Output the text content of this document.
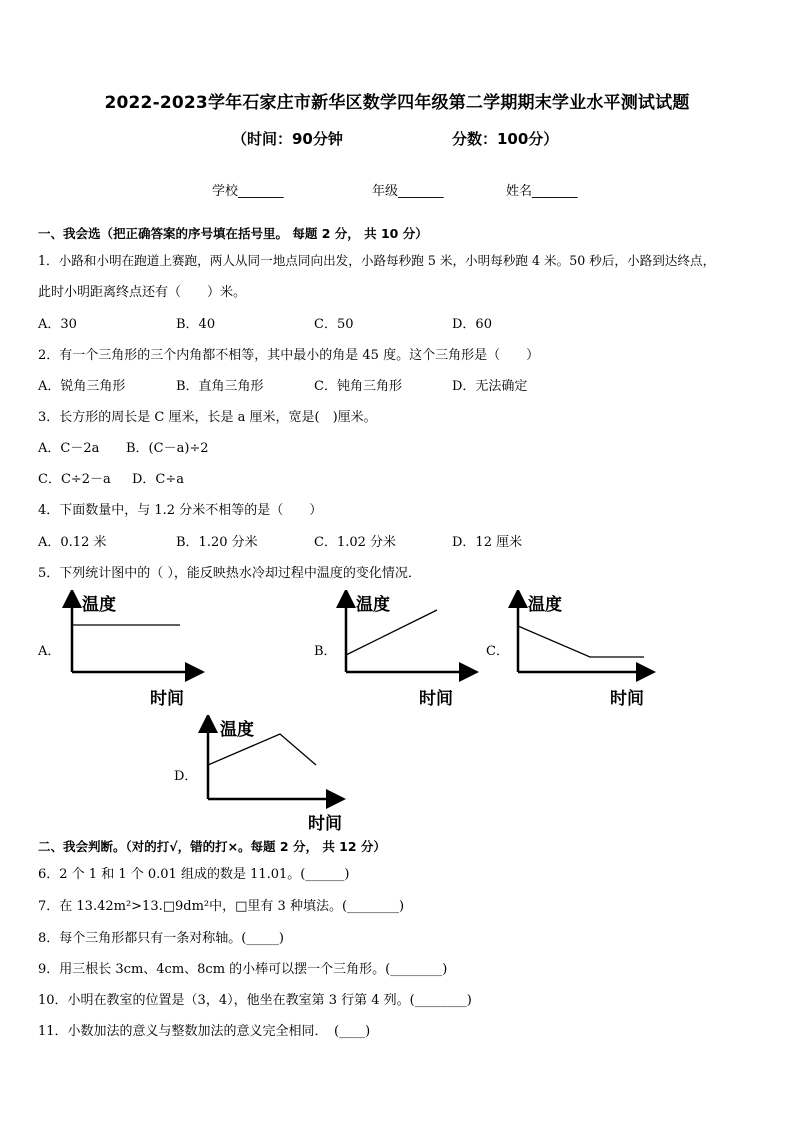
2022-2023学年石家庄市新华区数学四年级第二学期期末学业水平测试试题
（时间：90分钟	分数：100分）
学校_______	年级_______	姓名_______
一、我会选（把正确答案的序号填在括号里。 每题 2 分， 共 10 分）
1．小路和小明在跑道上赛跑，两人从同一地点同向出发，小路每秒跑 5 米，小明每秒跑 4 米。50 秒后，小路到达终点，
此时小明距离终点还有（　　）米。
A．30	B．40	C．50	D．60
2．有一个三角形的三个内角都不相等，其中最小的角是 45 度。这个三角形是（　　）
A．锐角三角形	B．直角三角形	C．钝角三角形	D．无法确定
3．长方形的周长是 C 厘米，长是 a 厘米，宽是(　)厘米。
A．C－2a B．(C－a)÷2
C．C÷2－a D．C÷a
4．下面数量中，与 1.2 分米不相等的是（　　）
A．0.12 米	B．1.20 分米	C．1.02 分米	D．12 厘米
5．下列统计图中的（ ），能反映热水冷却过程中温度的变化情况．
A．
温度
时间
B．
温度
时间
C．
温度
时间
D．
温度
时间
二、我会判断。（对的打√，错的打×。每题 2 分， 共 12 分）
6．2 个 1 和 1 个 0.01 组成的数是 11.01。(______)
7．在 13.42m²>13.□9dm²中，□里有 3 种填法。(________)
8．每个三角形都只有一条对称轴。(_____)
9．用三根长 3cm、4cm、8cm 的小棒可以摆一个三角形。(________)
10．小明在教室的位置是（3，4），他坐在教室第 3 行第 4 列。(________)
11．小数加法的意义与整数加法的意义完全相同．　(____)
